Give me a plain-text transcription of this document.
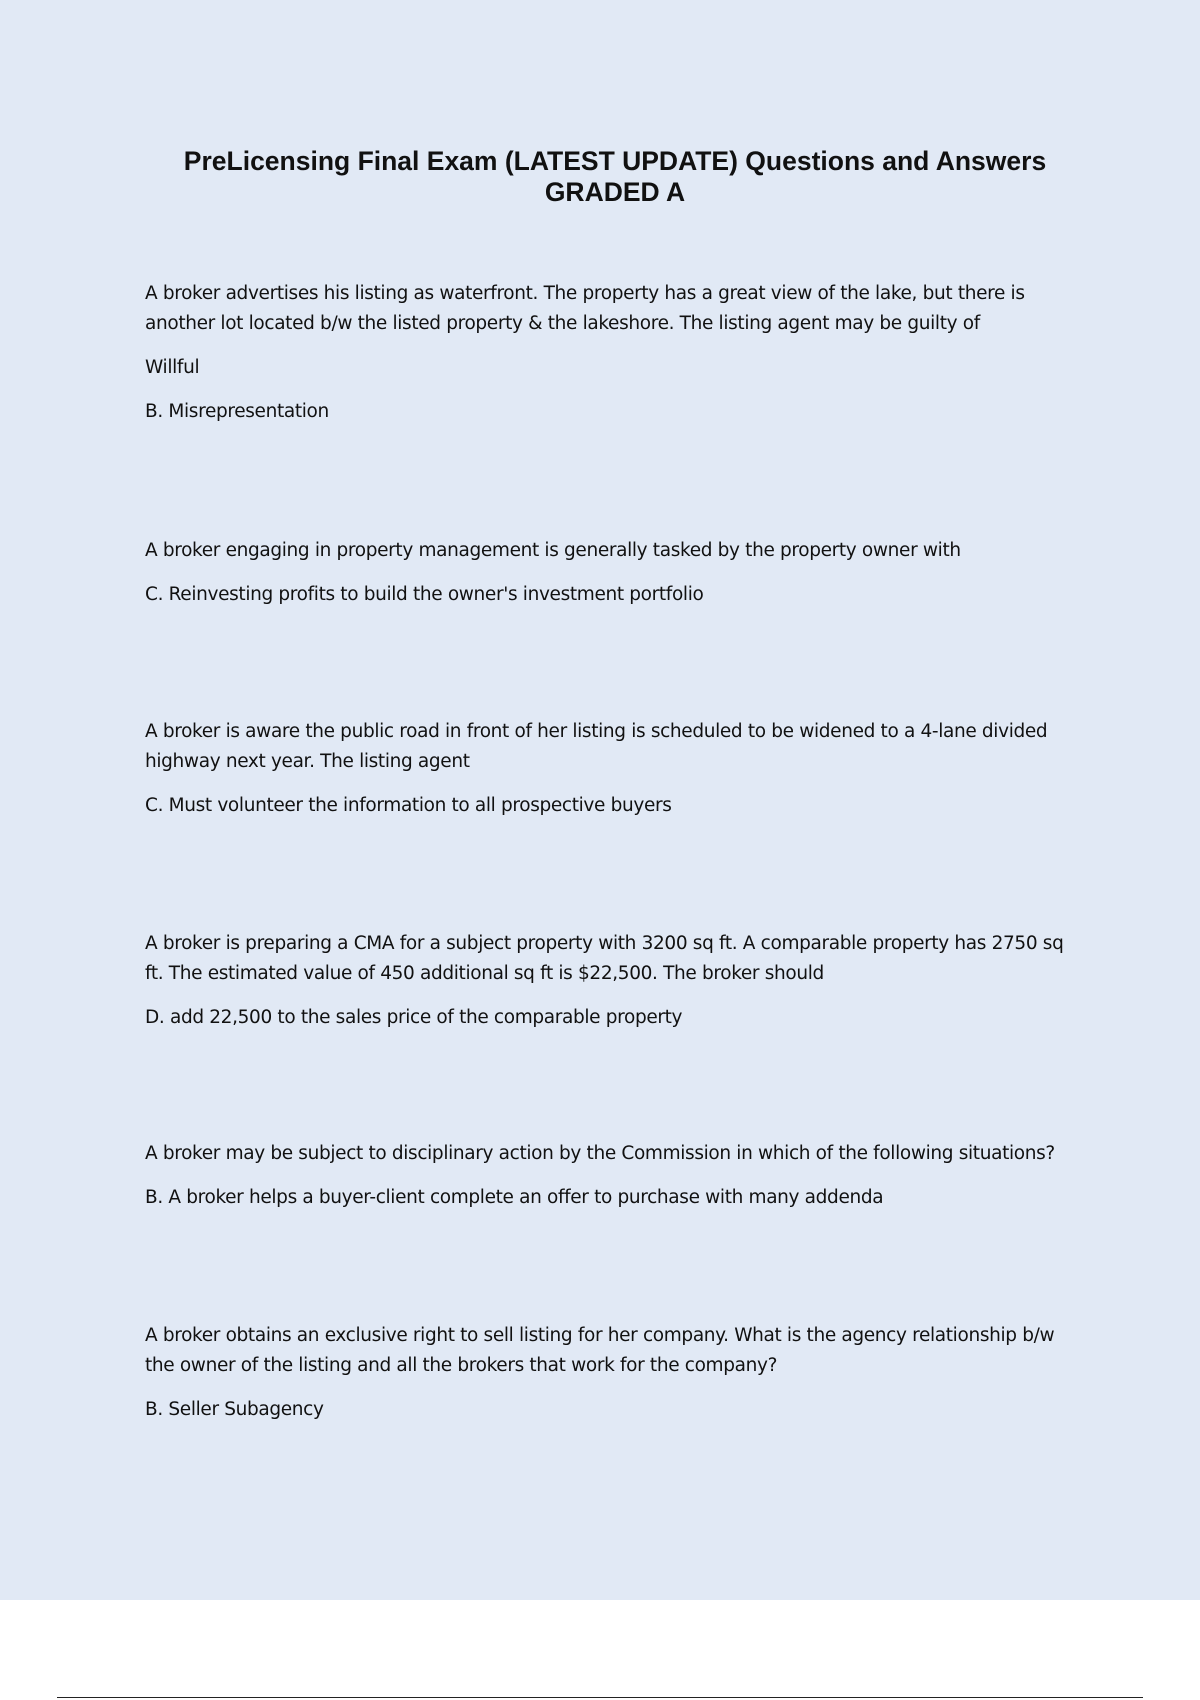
PreLicensing Final Exam (LATEST UPDATE) Questions and Answers
GRADED A

A broker advertises his listing as waterfront. The property has a great view of the lake, but there is another lot located b/w the listed property & the lakeshore. The listing agent may be guilty of

Willful

B. Misrepresentation

A broker engaging in property management is generally tasked by the property owner with

C. Reinvesting profits to build the owner's investment portfolio

A broker is aware the public road in front of her listing is scheduled to be widened to a 4-lane divided highway next year. The listing agent

C. Must volunteer the information to all prospective buyers

A broker is preparing a CMA for a subject property with 3200 sq ft. A comparable property has 2750 sq ft. The estimated value of 450 additional sq ft is $22,500. The broker should

D. add 22,500 to the sales price of the comparable property

A broker may be subject to disciplinary action by the Commission in which of the following situations?

B. A broker helps a buyer-client complete an offer to purchase with many addenda

A broker obtains an exclusive right to sell listing for her company. What is the agency relationship b/w the owner of the listing and all the brokers that work for the company?

B. Seller Subagency
